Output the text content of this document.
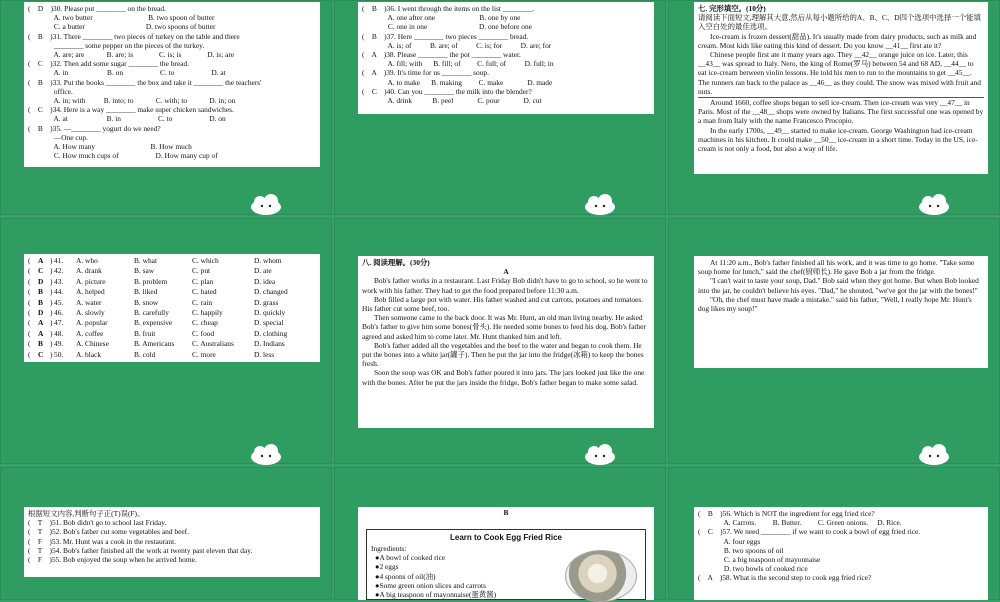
(    D    )30. Please put ________ on the bread.
A. two butter                              B. two spoon of butter
C. a butter                                 D. two spoons of butter
(    B    )31. There ________ two pieces of turkey on the table and there
________ some pepper on the pieces of the turkey.
A. are; are            B. are; is              C. is; is              D. is; are
(    C    )32. Then add some sugar ________ the bread.
A. in                     B. on                    C. to                    D. at
(    B    )33. Put the books ________ the box and take it ________ the teachers'
office.
A. in; with          B. into; to            C. with; to            D. in; on
(    C    )34. Here is a way ________ make super chicken sandwiches.
A. at                     B. in                    C. to                    D. on
(    B    )35. —________ yogurt do we need?
—One cup.
A. How many                              B. How much
C. How much cups of                    D. How many cup of
(    B    )36. I went through the items on the list ________.
A. one after one                        B. one by one
C. one in one                            D. one before one
(    B    )37. Here ________ two pieces ________ bread.
A. is; of          B. are; of          C. is; for          D. are; for
(    A    )38. Please ________ the pot ________ water.
A. fill; with      B. fill; of         C. full; of          D. full; in
(    A    )39. It's time for us ________ soup.
A. to make      B. making         C. make             D. made
(    C    )40. Can you ________ the milk into the blender?
A. drink           B. peel             C. pour             D. cut
七. 完形填空。(10分)
请阅读下面短文,理解其大意,然后从每小题所给的A、B、C、D四个选项中选择一个能填入空白处的最佳选项。
Ice-cream is frozen dessert(甜品). It's usually made from dairy products, such as milk and cream. Most kids like eating this kind of dessert. Do you know __41__ first ate it?
Chinese people first ate it many years ago. They __42__ orange juice on ice. Later, this __43__ was spread to Italy. Nero, the king of Rome(罗马) between 54 and 68 AD, __44__ to eat ice-cream between violin lessons. He told his men to run to the mountains to get __45__. The runners ran back to the palace as __46__ as they could. The snow was mixed with fruit and nuts.
Around 1660, coffee shops began to sell ice-cream. Then ice-cream was very __47__ in Paris. Most of the __48__ shops were owned by Italians. The first successful one was opened by a man from Italy with the name Francesco Procopio.
In the early 1700s, __49__ started to make ice-cream. George Washington had ice-cream machines in his kitchen. It could make __50__ ice-cream in a short time. Today in the US, ice-cream is not only a food, but also a way of life.
( A ) 41. A. who	B. what	C. which	D. whom
( C ) 42. A. drank	B. saw	C. put	D. ate
( D ) 43. A. picture	B. problem	C. plan	D. idea
( B ) 44. A. helped	B. liked	C. hated	D. changed
( B ) 45. A. water	B. snow	C. rain	D. grass
( D ) 46. A. slowly	B. carefully	C. happily	D. quickly
( A ) 47. A. popular	B. expensive	C. cheap	D. special
( A ) 48. A. coffee	B. fruit	C. food	D. clothing
( B ) 49. A. Chinese	B. Americans C. Australians	D. Indians
( C ) 50. A. black	B. cold	C. more	D. less
八. 阅读理解。(30分)
A
Bob's father works in a restaurant. Last Friday Bob didn't have to go to school, so he went to work with his father. They had to get the food prepared before 11:30 a.m.
Bob filled a large pot with water. His father washed and cut carrots, potatoes and tomatoes. His father cut some beef, too.
Then someone came to the back door. It was Mr. Hunt, an old man living nearby. He asked Bob's father to give him some bones(骨头). He needed some bones to feed his dog. Bob's father agreed and asked him to come later. Mr. Hunt thanked him and left.
Bob's father added all the vegetables and the beef to the water and began to cook them. He put the bones into a white jar(罐子). Then he put the jar into the fridge(冰箱) to keep the bones fresh.
Soon the soup was OK and Bob's father poured it into jars. The jars looked just like the one with the bones. After he put the jars inside the fridge, Bob's father began to make some salad.
At 11:20 a.m., Bob's father finished all his work, and it was time to go home. "Take some soup home for lunch," said the chef(厨师长). He gave Bob a jar from the fridge.
"I can't wait to taste your soup, Dad." Bob said when they got home. But when Bob looked into the jar, he couldn't believe his eyes. "Dad," he shouted, "we've got the jar with the bones!"
"Oh, the chef must have made a mistake." said his father, "Well, I really hope Mr. Hunt's dog likes my soup!"
根据短文内容,判断句子正(T)误(F)。
(    T    )51. Bob didn't go to school last Friday.
(    T    )52. Bob's father cut some vegetables and beef.
(    F    )53. Mr. Hunt was a cook in the restaurant.
(    T    )54. Bob's father finished all the work at twenty past eleven that day.
(    F    )55. Bob enjoyed the soup when he arrived home.
B
Learn to Cook Egg Fried Rice
Ingredients:
●A bowl of cooked rice
●2 eggs
●4 spoons of oil(油)
●Some green onion slices and carrots
●A big teaspoon of mayonnaise(蛋黄酱)
(    B    )56. Which is NOT the ingredient for egg fried rice?
A. Carrots.         B. Butter.         C. Green onions.     D. Rice.
(    C    )57. We need ________ if we want to cook a bowl of egg fried rice.
A. four eggs
B. two spoons of oil
C. a big teaspoon of mayonnaise
D. two bowls of cooked rice
(    A    )58. What is the second step to cook egg fried rice?
